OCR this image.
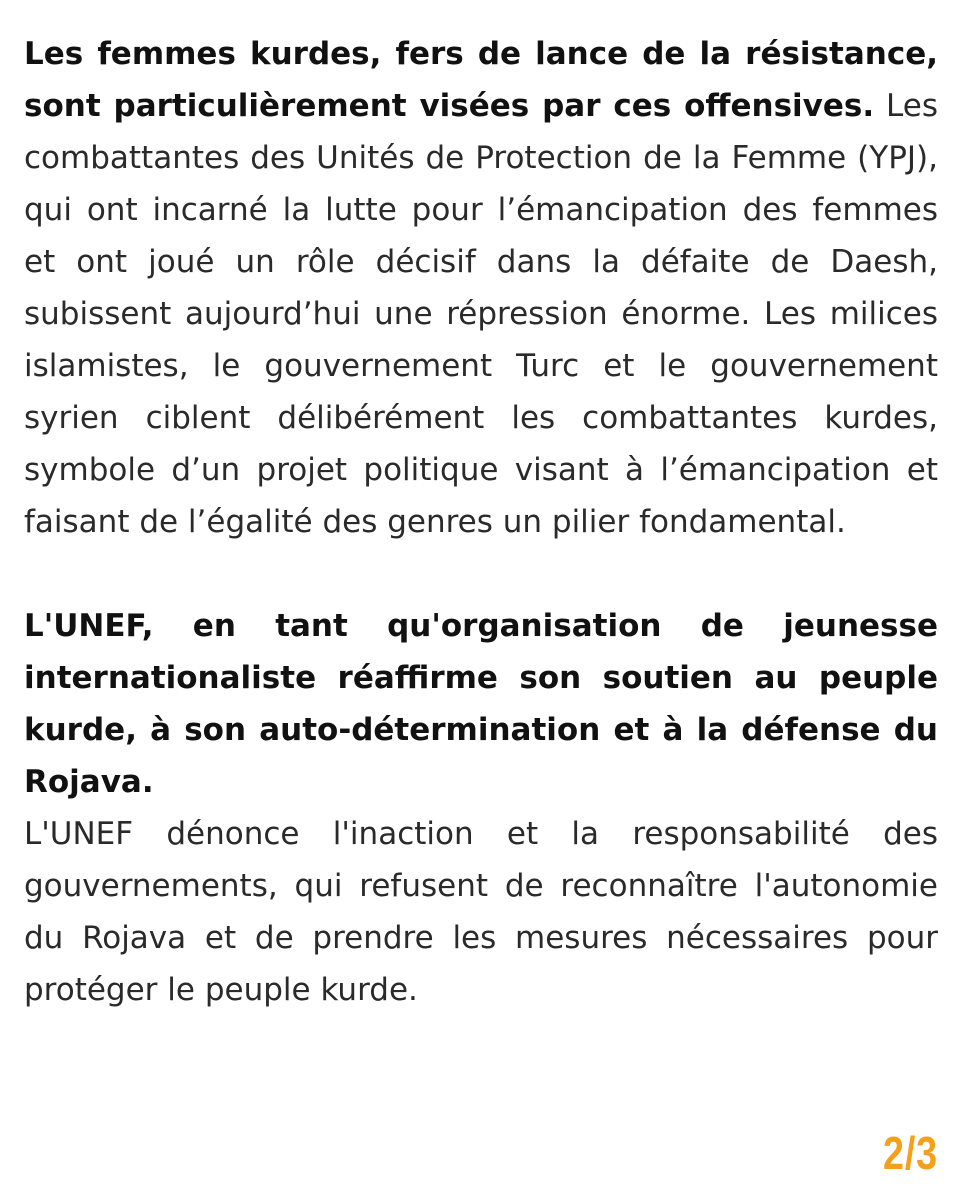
Les femmes kurdes, fers de lance de la résistance, sont particulièrement visées par ces offensives. Les combattantes des Unités de Protection de la Femme (YPJ), qui ont incarné la lutte pour l’émancipation des femmes et ont joué un rôle décisif dans la défaite de Daesh, subissent aujourd’hui une répression énorme. Les milices islamistes, le gouvernement Turc et le gouvernement syrien ciblent délibérément les combattantes kurdes, symbole d’un projet politique visant à l’émancipation et faisant de l’égalité des genres un pilier fondamental.

L'UNEF, en tant qu'organisation de jeunesse internationaliste réaffirme son soutien au peuple kurde, à son auto-détermination et à la défense du Rojava.

L'UNEF dénonce l'inaction et la responsabilité des gouvernements, qui refusent de reconnaître l'autonomie du Rojava et de prendre les mesures nécessaires pour protéger le peuple kurde.

2/3
